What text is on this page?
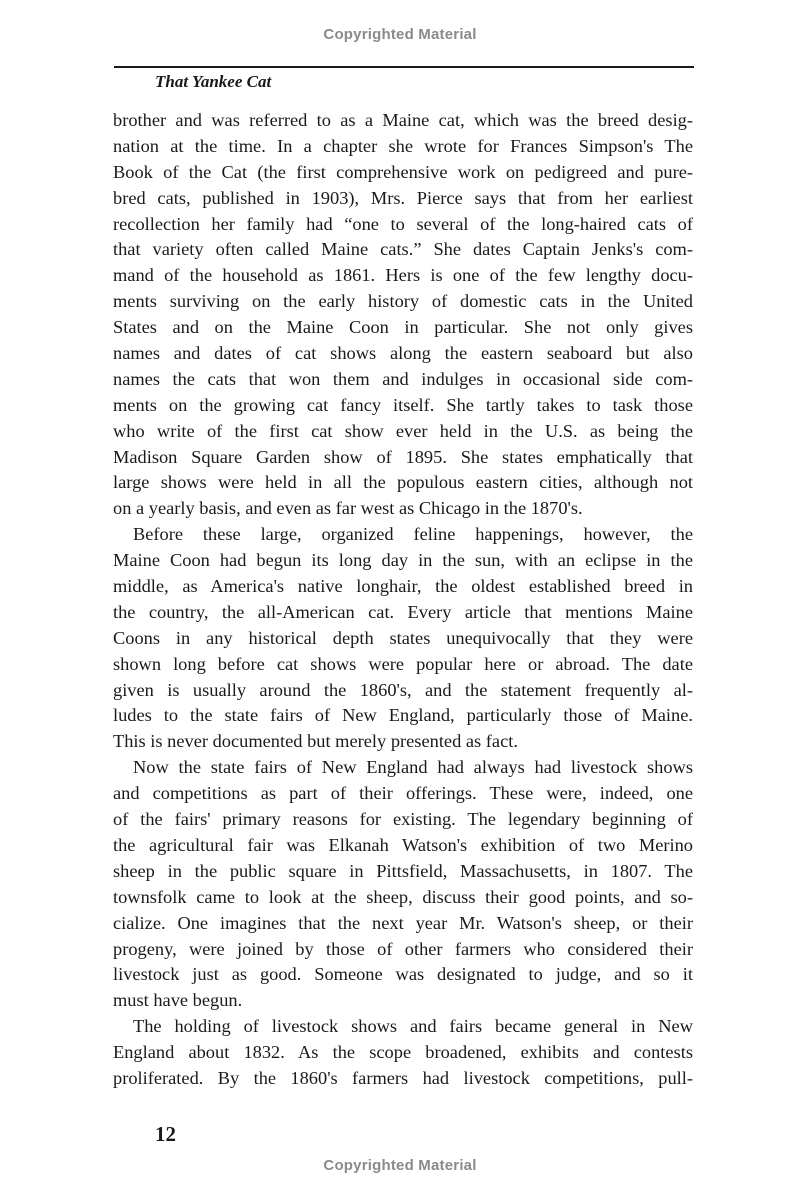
Copyrighted Material
That Yankee Cat
brother and was referred to as a Maine cat, which was the breed desig-
nation at the time. In a chapter she wrote for Frances Simpson's The
Book of the Cat (the first comprehensive work on pedigreed and pure-
bred cats, published in 1903), Mrs. Pierce says that from her earliest
recollection her family had “one to several of the long-haired cats of
that variety often called Maine cats.” She dates Captain Jenks's com-
mand of the household as 1861. Hers is one of the few lengthy docu-
ments surviving on the early history of domestic cats in the United
States and on the Maine Coon in particular. She not only gives
names and dates of cat shows along the eastern seaboard but also
names the cats that won them and indulges in occasional side com-
ments on the growing cat fancy itself. She tartly takes to task those
who write of the first cat show ever held in the U.S. as being the
Madison Square Garden show of 1895. She states emphatically that
large shows were held in all the populous eastern cities, although not
on a yearly basis, and even as far west as Chicago in the 1870's.
Before these large, organized feline happenings, however, the
Maine Coon had begun its long day in the sun, with an eclipse in the
middle, as America's native longhair, the oldest established breed in
the country, the all-American cat. Every article that mentions Maine
Coons in any historical depth states unequivocally that they were
shown long before cat shows were popular here or abroad. The date
given is usually around the 1860's, and the statement frequently al-
ludes to the state fairs of New England, particularly those of Maine.
This is never documented but merely presented as fact.
Now the state fairs of New England had always had livestock shows
and competitions as part of their offerings. These were, indeed, one
of the fairs' primary reasons for existing. The legendary beginning of
the agricultural fair was Elkanah Watson's exhibition of two Merino
sheep in the public square in Pittsfield, Massachusetts, in 1807. The
townsfolk came to look at the sheep, discuss their good points, and so-
cialize. One imagines that the next year Mr. Watson's sheep, or their
progeny, were joined by those of other farmers who considered their
livestock just as good. Someone was designated to judge, and so it
must have begun.
The holding of livestock shows and fairs became general in New
England about 1832. As the scope broadened, exhibits and contests
proliferated. By the 1860's farmers had livestock competitions, pull-
12
Copyrighted Material
